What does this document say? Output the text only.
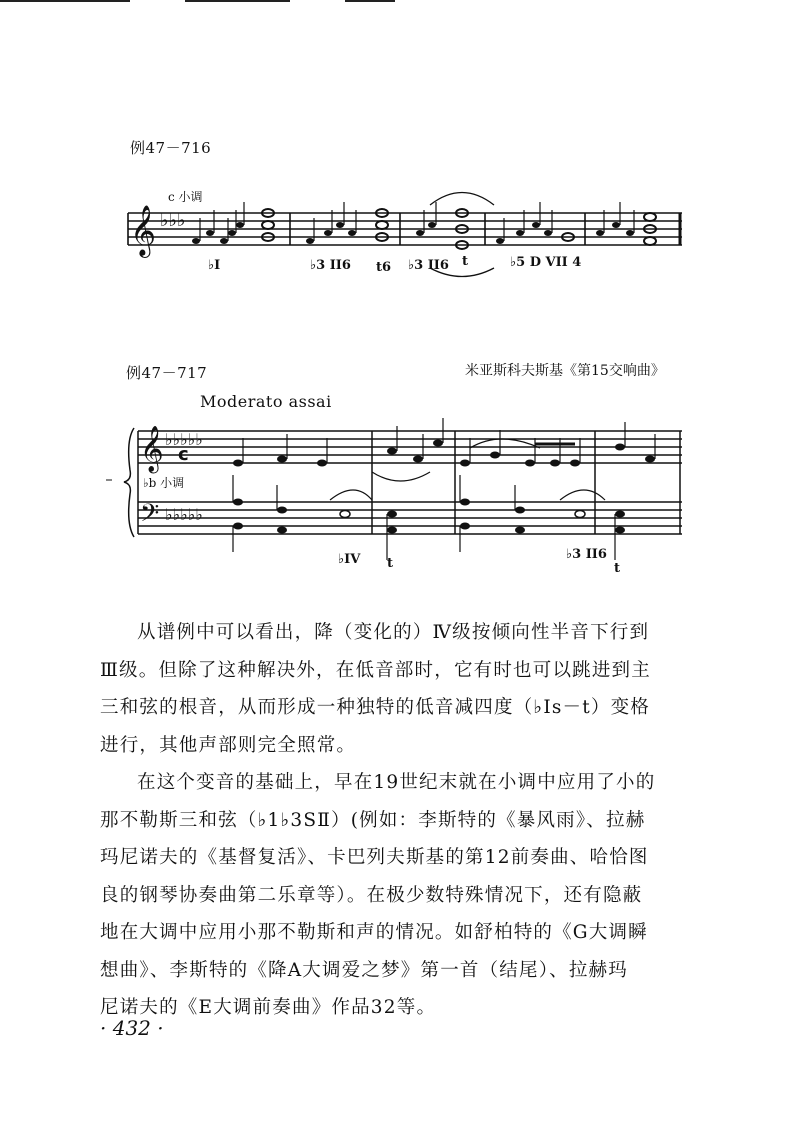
例47－716
c 小调
𝄞 ♭♭♭
𝄞 ♭♭♭♭♭
c
𝄢 ♭♭♭♭♭
♭I	♭3 II6 t6 ♭3 II6 t	♭5 D VII 4
例47－717	米亚斯科夫斯基《第15交响曲》
Moderato assai
♭b 小调
♭IV t
♭3 II6
t
从谱例中可以看出，降（变化的）Ⅳ级按倾向性半音下行到
Ⅲ级。但除了这种解决外，在低音部时，它有时也可以跳进到主
三和弦的根音，从而形成一种独特的低音减四度（♭Ⅰs－t）变格
进行，其他声部则完全照常。
在这个变音的基础上，早在19世纪末就在小调中应用了小的
那不勒斯三和弦（♭1♭3SⅡ）(例如：李斯特的《暴风雨》、拉赫
玛尼诺夫的《基督复活》、卡巴列夫斯基的第12前奏曲、哈恰图
良的钢琴协奏曲第二乐章等）。在极少数特殊情况下，还有隐蔽
地在大调中应用小那不勒斯和声的情况。如舒柏特的《G大调瞬
想曲》、李斯特的《降A大调爱之梦》第一首（结尾）、拉赫玛
尼诺夫的《E大调前奏曲》作品32等。
· 432 ·
